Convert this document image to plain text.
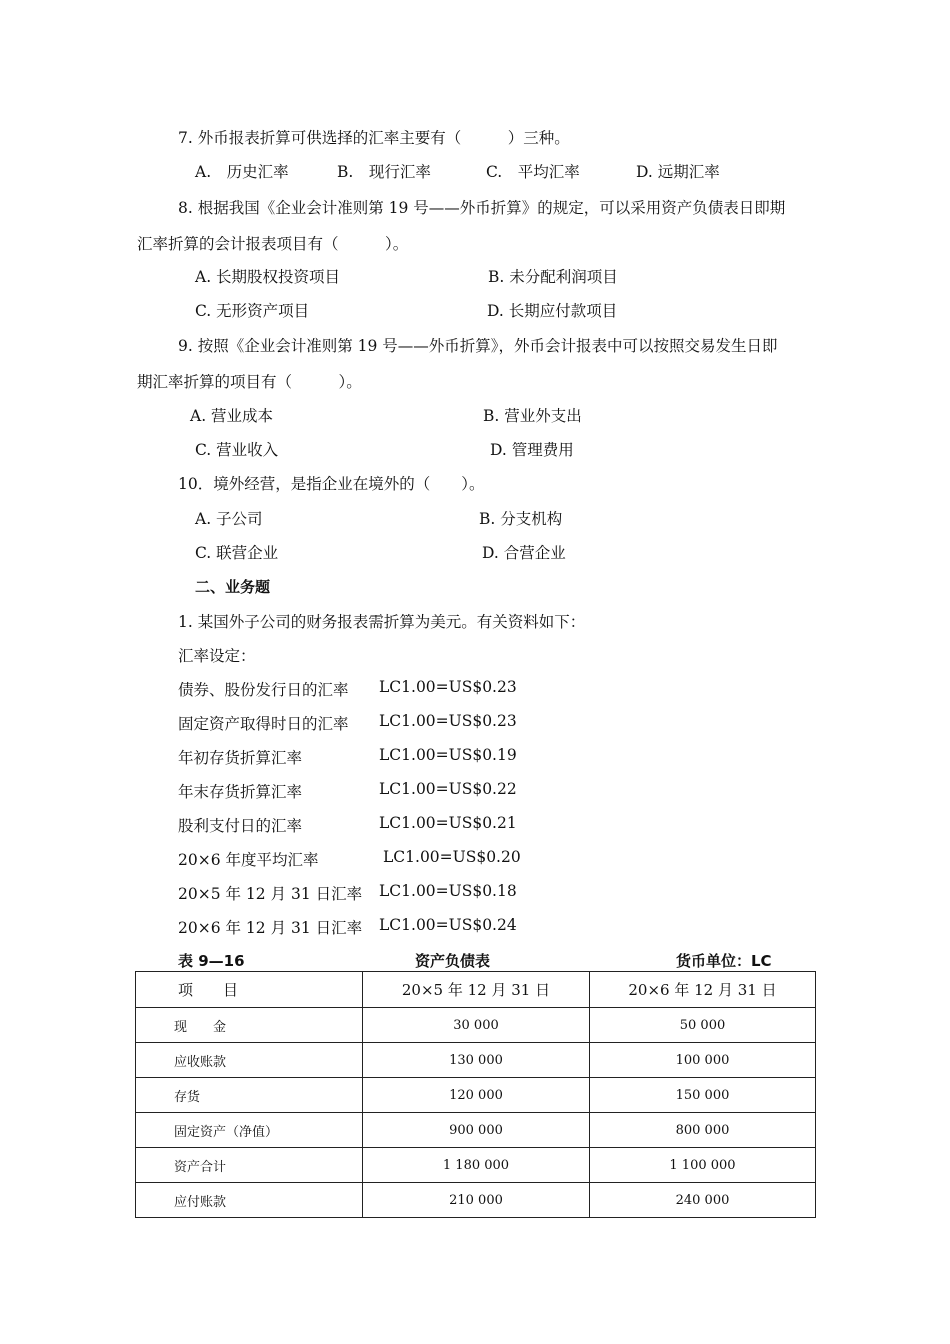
7. 外币报表折算可供选择的汇率主要有（　　　）三种。
A.　历史汇率	B.　现行汇率	C.　平均汇率	D. 远期汇率
8. 根据我国《企业会计准则第 19 号——外币折算》的规定，可以采用资产负债表日即期
汇率折算的会计报表项目有（　　　）。
A. 长期股权投资项目	B. 未分配利润项目
C. 无形资产项目	D. 长期应付款项目
9. 按照《企业会计准则第 19 号——外币折算》，外币会计报表中可以按照交易发生日即
期汇率折算的项目有（　　　）。
A. 营业成本	B. 营业外支出
C. 营业收入	D. 管理费用
10．境外经营，是指企业在境外的（　　）。
A. 子公司	B. 分支机构
C. 联营企业	D. 合营企业
二、业务题
1. 某国外子公司的财务报表需折算为美元。有关资料如下：
汇率设定：
债券、股份发行日的汇率 LC1.00=US$0.23
固定资产取得时日的汇率 LC1.00=US$0.23
年初存货折算汇率	LC1.00=US$0.19
年末存货折算汇率	LC1.00=US$0.22
股利支付日的汇率	LC1.00=US$0.21
20×6 年度平均汇率	LC1.00=US$0.20
20×5 年 12 月 31 日汇率 LC1.00=US$0.18
20×6 年 12 月 31 日汇率 LC1.00=US$0.24
表 9—16	资产负债表	货币单位：LC
项　　目	20×5 年 12 月 31 日	20×6 年 12 月 31 日
现　　金	30 000	50 000
应收账款	130 000	100 000
存货	120 000	150 000
固定资产（净值）	900 000	800 000
资产合计	1 180 000	1 100 000
应付账款	210 000	240 000
